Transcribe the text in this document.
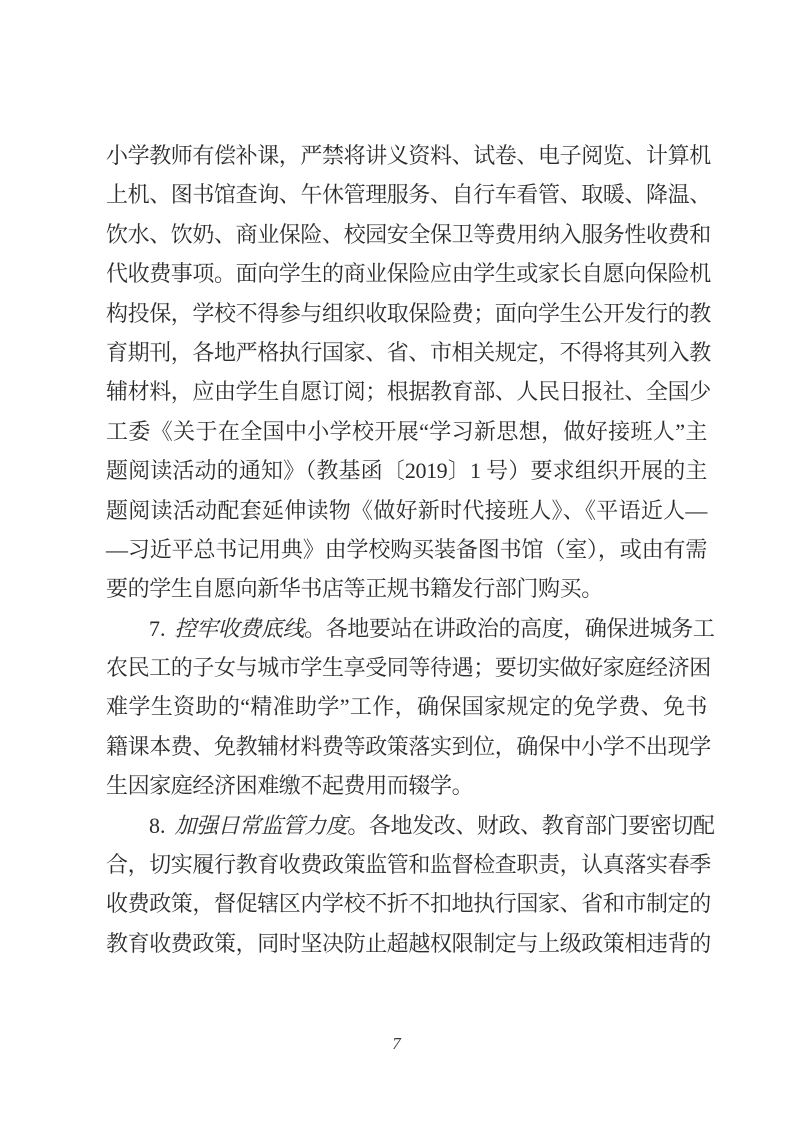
小学教师有偿补课，严禁将讲义资料、试卷、电子阅览、计算机
上机、图书馆查询、午休管理服务、自行车看管、取暖、降温、
饮水、饮奶、商业保险、校园安全保卫等费用纳入服务性收费和
代收费事项。面向学生的商业保险应由学生或家长自愿向保险机
构投保，学校不得参与组织收取保险费；面向学生公开发行的教
育期刊，各地严格执行国家、省、市相关规定，不得将其列入教
辅材料，应由学生自愿订阅；根据教育部、人民日报社、全国少
工委《关于在全国中小学校开展“学习新思想，做好接班人”主
题阅读活动的通知》（教基函〔2019〕1 号）要求组织开展的主
题阅读活动配套延伸读物《做好新时代接班人》、《平语近人—
—习近平总书记用典》由学校购买装备图书馆（室），或由有需
要的学生自愿向新华书店等正规书籍发行部门购买。
7. 控牢收费底线。各地要站在讲政治的高度，确保进城务工
农民工的子女与城市学生享受同等待遇；要切实做好家庭经济困
难学生资助的“精准助学”工作，确保国家规定的免学费、免书
籍课本费、免教辅材料费等政策落实到位，确保中小学不出现学
生因家庭经济困难缴不起费用而辍学。
8. 加强日常监管力度。各地发改、财政、教育部门要密切配
合，切实履行教育收费政策监管和监督检查职责，认真落实春季
收费政策，督促辖区内学校不折不扣地执行国家、省和市制定的
教育收费政策，同时坚决防止超越权限制定与上级政策相违背的
7
